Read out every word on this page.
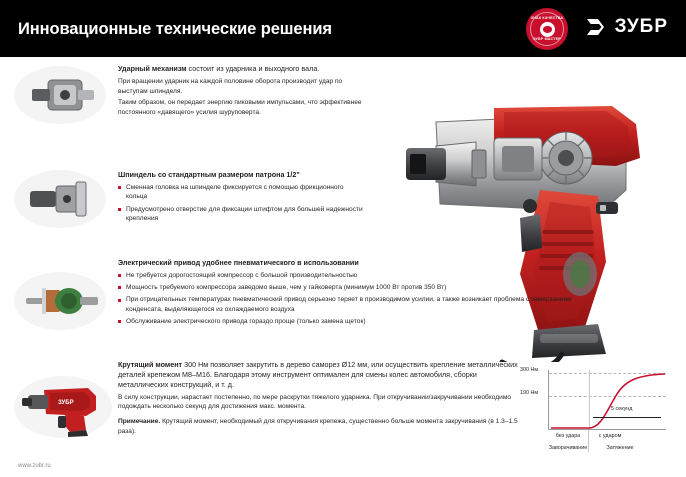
Инновационные технические решения
ЗНАК КАЧЕСТВА
ЗУБР МАСТЕР
ЗУБР

Ударный механизм состоит из ударника и выходного вала.

При вращении ударник на каждой половине оборота производит удар по выступам шпинделя.

Таким образом, он передает энергию пиковыми импульсами, что эффективнее постоянного «давящего» усилия шуруповерта.

Шпиндель со стандартным размером патрона 1/2"

Сменная головка на шпинделе фиксируется с помощью фрикционного кольца
Предусмотрено отверстие для фиксации штифтом для большей надежности крепления

Электрический привод удобнее пневматического в использовании

Не требуется дорогостоящий компрессор с большой производительностью
Мощность требуемого компрессора заведомо выше, чем у гайковерта (минимум 1000 Вт против 350 Вт)
При отрицательных температурах пневматический привод серьезно теряет в производимом усилии, а также возникает проблема с замерзанием конденсата, выделяющегося из охлаждаемого воздуха
Обслуживание электрического привода гораздо проще (только замена щеток)
ЗУБР

Крутящий момент 300 Нм позволяет закрутить в дерево саморез Ø12 мм, или осуществить крепление металлических деталей крепежом М8–М16. Благодаря этому инструмент оптимален для смены колес автомобиля, сборки металлических конструкций, и т. д.

В силу конструкции, нарастает постепенно, по мере раскрутки тяжелого ударника. При откручивании/закручивании необходимо подождать несколько секунд для достижения макс. момента.

Примечание. Крутящий момент, необходимый для откручивания крепежа, существенно больше момента закручивания (в 1.3–1.5 раза).

300 Нм
190 Нм
5 секунд
без удара	с ударом
Заворачивание	Затяжение
www.zubr.ru
